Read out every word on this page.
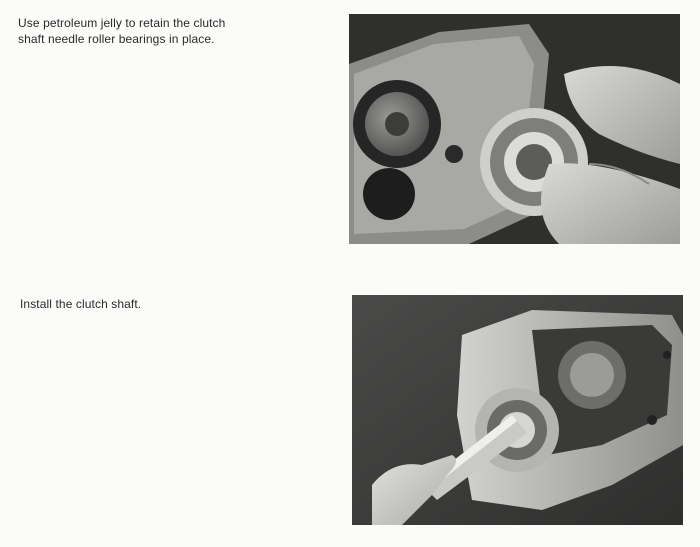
Use petroleum jelly to retain the clutch
shaft needle roller bearings in place.
Install the clutch shaft.
